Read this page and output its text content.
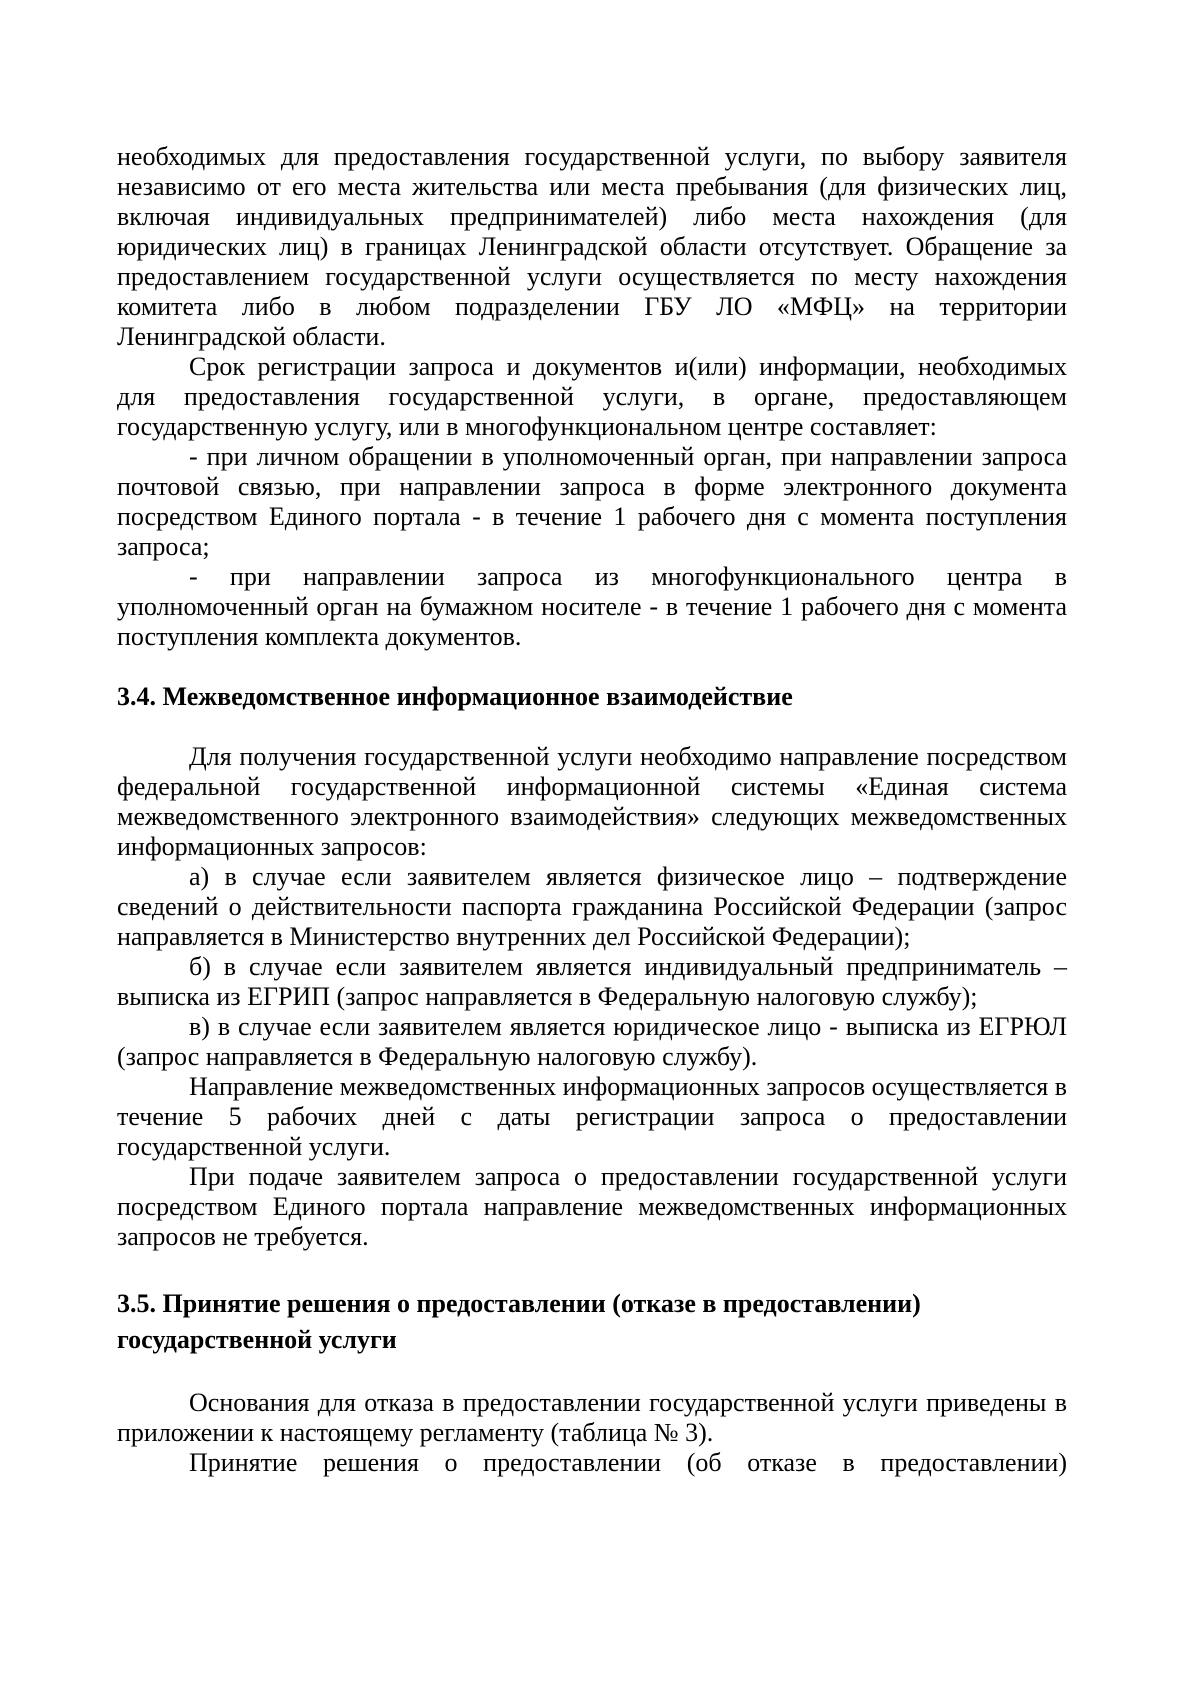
необходимых для предоставления государственной услуги, по выбору заявителя независимо от его места жительства или места пребывания (для физических лиц, включая индивидуальных предпринимателей) либо места нахождения (для юридических лиц) в границах Ленинградской области отсутствует. Обращение за предоставлением государственной услуги осуществляется по месту нахождения комитета либо в любом подразделении ГБУ ЛО «МФЦ» на территории Ленинградской области.

Срок регистрации запроса и документов и(или) информации, необходимых для предоставления государственной услуги, в органе, предоставляющем государственную услугу, или в многофункциональном центре составляет:

- при личном обращении в уполномоченный орган, при направлении запроса почтовой связью, при направлении запроса в форме электронного документа посредством Единого портала - в течение 1 рабочего дня с момента поступления запроса;

- при направлении запроса из многофункционального центра в уполномоченный орган на бумажном носителе - в течение 1 рабочего дня с момента поступления комплекта документов.

3.4. Межведомственное информационное взаимодействие

Для получения государственной услуги необходимо направление посредством федеральной государственной информационной системы «Единая система межведомственного электронного взаимодействия» следующих межведомственных информационных запросов:

а) в случае если заявителем является физическое лицо – подтверждение сведений о действительности паспорта гражданина Российской Федерации (запрос направляется в Министерство внутренних дел Российской Федерации);

б) в случае если заявителем является индивидуальный предприниматель – выписка из ЕГРИП (запрос направляется в Федеральную налоговую службу);

в) в случае если заявителем является юридическое лицо - выписка из ЕГРЮЛ (запрос направляется в Федеральную налоговую службу).

Направление межведомственных информационных запросов осуществляется в течение 5 рабочих дней с даты регистрации запроса о предоставлении государственной услуги.

При подаче заявителем запроса о предоставлении государственной услуги посредством Единого портала направление межведомственных информационных запросов не требуется.

3.5. Принятие решения о предоставлении (отказе в предоставлении)
государственной услуги

Основания для отказа в предоставлении государственной услуги приведены в приложении к настоящему регламенту (таблица № 3).

Принятие решения о предоставлении (об отказе в предоставлении)
